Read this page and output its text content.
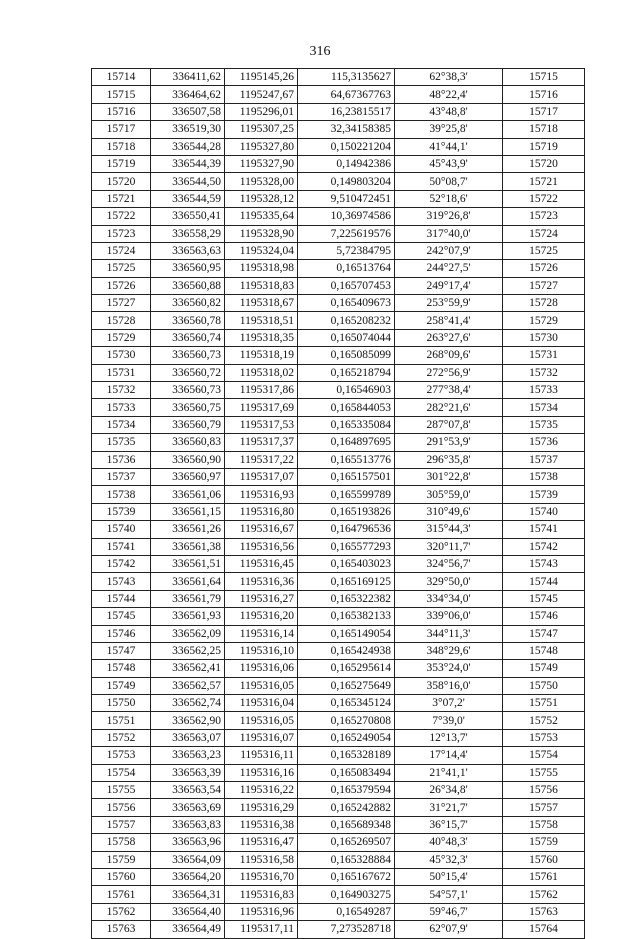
316
15714	336411,62	1195145,26	115,3135627	62°38,3'	15715
15715	336464,62	1195247,67	64,67367763	48°22,4'	15716
15716	336507,58	1195296,01	16,23815517	43°48,8'	15717
15717	336519,30	1195307,25	32,34158385	39°25,8'	15718
15718	336544,28	1195327,80	0,150221204	41°44,1'	15719
15719	336544,39	1195327,90	0,14942386	45°43,9'	15720
15720	336544,50	1195328,00	0,149803204	50°08,7'	15721
15721	336544,59	1195328,12	9,510472451	52°18,6'	15722
15722	336550,41	1195335,64	10,36974586	319°26,8'	15723
15723	336558,29	1195328,90	7,225619576	317°40,0'	15724
15724	336563,63	1195324,04	5,72384795	242°07,9'	15725
15725	336560,95	1195318,98	0,16513764	244°27,5'	15726
15726	336560,88	1195318,83	0,165707453	249°17,4'	15727
15727	336560,82	1195318,67	0,165409673	253°59,9'	15728
15728	336560,78	1195318,51	0,165208232	258°41,4'	15729
15729	336560,74	1195318,35	0,165074044	263°27,6'	15730
15730	336560,73	1195318,19	0,165085099	268°09,6'	15731
15731	336560,72	1195318,02	0,165218794	272°56,9'	15732
15732	336560,73	1195317,86	0,16546903	277°38,4'	15733
15733	336560,75	1195317,69	0,165844053	282°21,6'	15734
15734	336560,79	1195317,53	0,165335084	287°07,8'	15735
15735	336560,83	1195317,37	0,164897695	291°53,9'	15736
15736	336560,90	1195317,22	0,165513776	296°35,8'	15737
15737	336560,97	1195317,07	0,165157501	301°22,8'	15738
15738	336561,06	1195316,93	0,165599789	305°59,0'	15739
15739	336561,15	1195316,80	0,165193826	310°49,6'	15740
15740	336561,26	1195316,67	0,164796536	315°44,3'	15741
15741	336561,38	1195316,56	0,165577293	320°11,7'	15742
15742	336561,51	1195316,45	0,165403023	324°56,7'	15743
15743	336561,64	1195316,36	0,165169125	329°50,0'	15744
15744	336561,79	1195316,27	0,165322382	334°34,0'	15745
15745	336561,93	1195316,20	0,165382133	339°06,0'	15746
15746	336562,09	1195316,14	0,165149054	344°11,3'	15747
15747	336562,25	1195316,10	0,165424938	348°29,6'	15748
15748	336562,41	1195316,06	0,165295614	353°24,0'	15749
15749	336562,57	1195316,05	0,165275649	358°16,0'	15750
15750	336562,74	1195316,04	0,165345124	3°07,2'	15751
15751	336562,90	1195316,05	0,165270808	7°39,0'	15752
15752	336563,07	1195316,07	0,165249054	12°13,7'	15753
15753	336563,23	1195316,11	0,165328189	17°14,4'	15754
15754	336563,39	1195316,16	0,165083494	21°41,1'	15755
15755	336563,54	1195316,22	0,165379594	26°34,8'	15756
15756	336563,69	1195316,29	0,165242882	31°21,7'	15757
15757	336563,83	1195316,38	0,165689348	36°15,7'	15758
15758	336563,96	1195316,47	0,165269507	40°48,3'	15759
15759	336564,09	1195316,58	0,165328884	45°32,3'	15760
15760	336564,20	1195316,70	0,165167672	50°15,4'	15761
15761	336564,31	1195316,83	0,164903275	54°57,1'	15762
15762	336564,40	1195316,96	0,16549287	59°46,7'	15763
15763	336564,49	1195317,11	7,273528718	62°07,9'	15764
